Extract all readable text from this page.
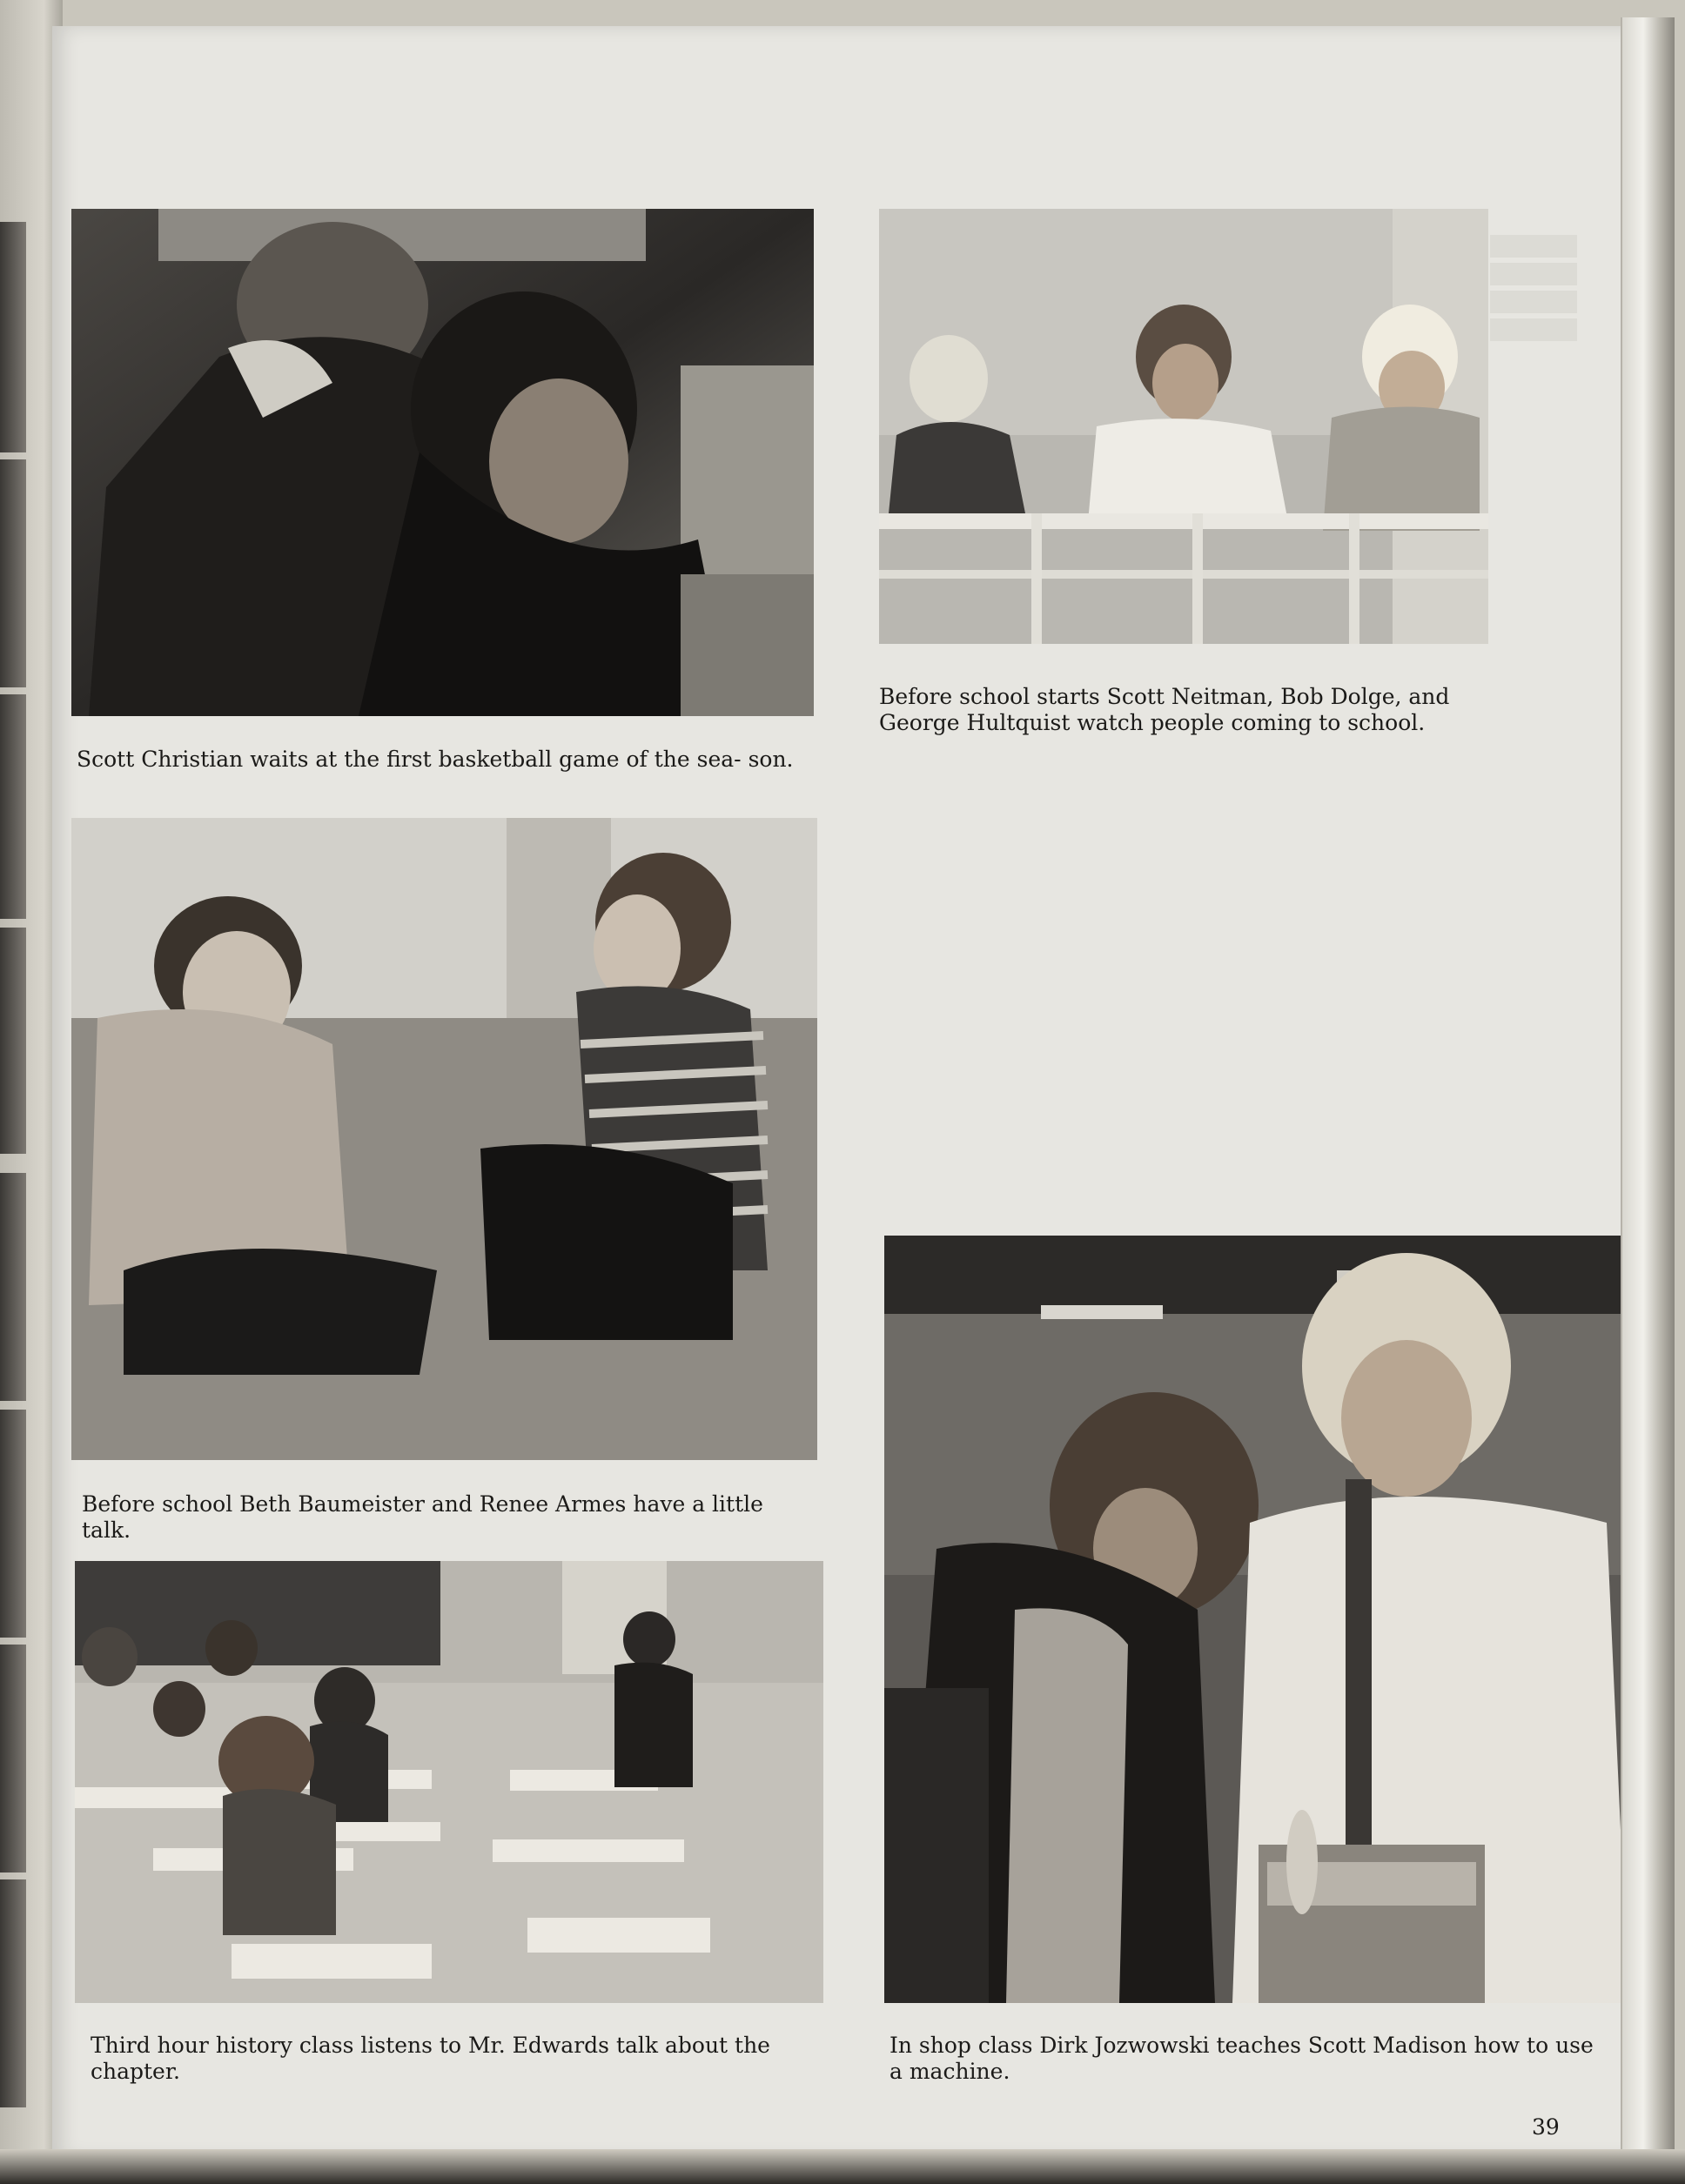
Scott Christian waits at the first basketball game of the sea- son.

Before school starts Scott Neitman, Bob Dolge, and George Hultquist watch people coming to school.

Before school Beth Baumeister and Renee Armes have a little talk.

Third hour history class listens to Mr. Edwards talk about the chapter.

In shop class Dirk Jozwowski teaches Scott Madison how to use a machine.

39
